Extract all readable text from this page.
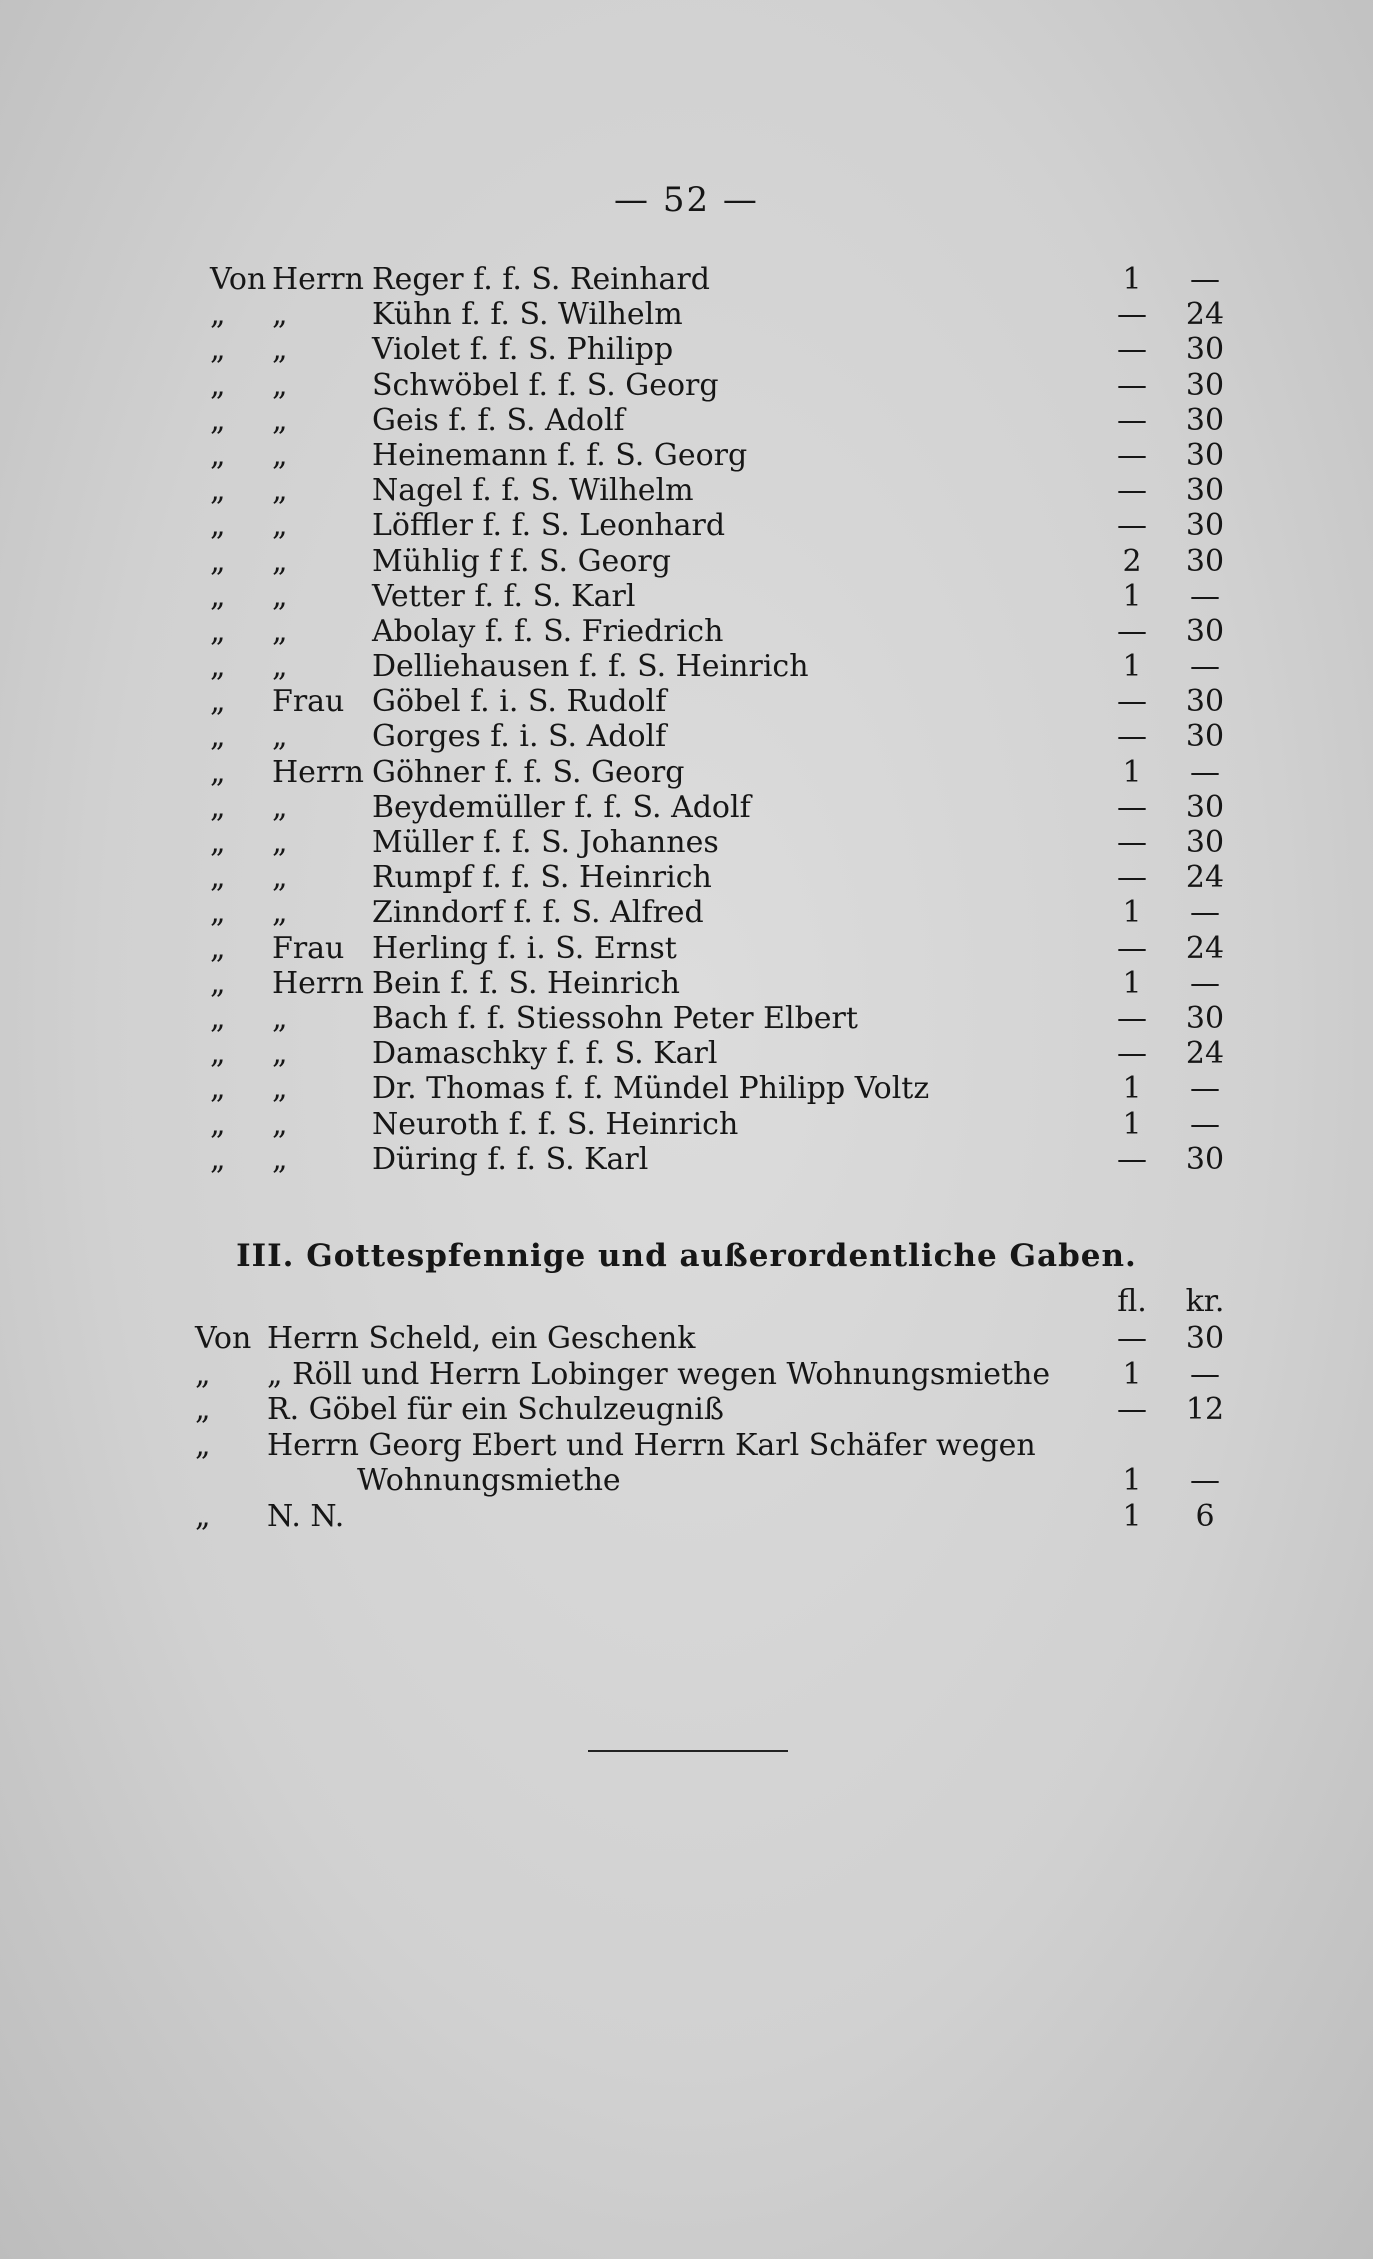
— 52 —
Von Herrn Reger f. f. S. Reinhard	1	—
„	„	Kühn f. f. S. Wilhelm	—	24
„	„	Violet f. f. S. Philipp	—	30
„	„	Schwöbel f. f. S. Georg	—	30
„	„	Geis f. f. S. Adolf	—	30
„	„	Heinemann f. f. S. Georg	—	30
„	„	Nagel f. f. S. Wilhelm	—	30
„	„	Löffler f. f. S. Leonhard	—	30
„	„	Mühlig f f. S. Georg	2	30
„	„	Vetter f. f. S. Karl	1	—
„	„	Abolay f. f. S. Friedrich	—	30
„	„	Delliehausen f. f. S. Heinrich	1	—
„	Frau Göbel f. i. S. Rudolf	—	30
„	„	Gorges f. i. S. Adolf	—	30
„	Herrn Göhner f. f. S. Georg	1	—
„	„	Beydemüller f. f. S. Adolf	—	30
„	„	Müller f. f. S. Johannes	—	30
„	„	Rumpf f. f. S. Heinrich	—	24
„	„	Zinndorf f. f. S. Alfred	1	—
„	Frau Herling f. i. S. Ernst	—	24
„	Herrn Bein f. f. S. Heinrich	1	—
„	„	Bach f. f. Stiessohn Peter Elbert	—	30
„	„	Damaschky f. f. S. Karl	—	24
„	„	Dr. Thomas f. f. Mündel Philipp Voltz	1	—
„	„	Neuroth f. f. S. Heinrich	1	—
„	„	Düring f. f. S. Karl	—	30
III. Gottespfennige und außerordentliche Gaben.
fl.	kr.
Von Herrn Scheld, ein Geschenk	—	30
„	„ Röll und Herrn Lobinger wegen Wohnungsmiethe	1	—
„	R. Göbel für ein Schulzeugniß	—	12
„	Herrn Georg Ebert und Herrn Karl Schäfer wegen
Wohnungsmiethe	1	—
„	N. N.	1	6
